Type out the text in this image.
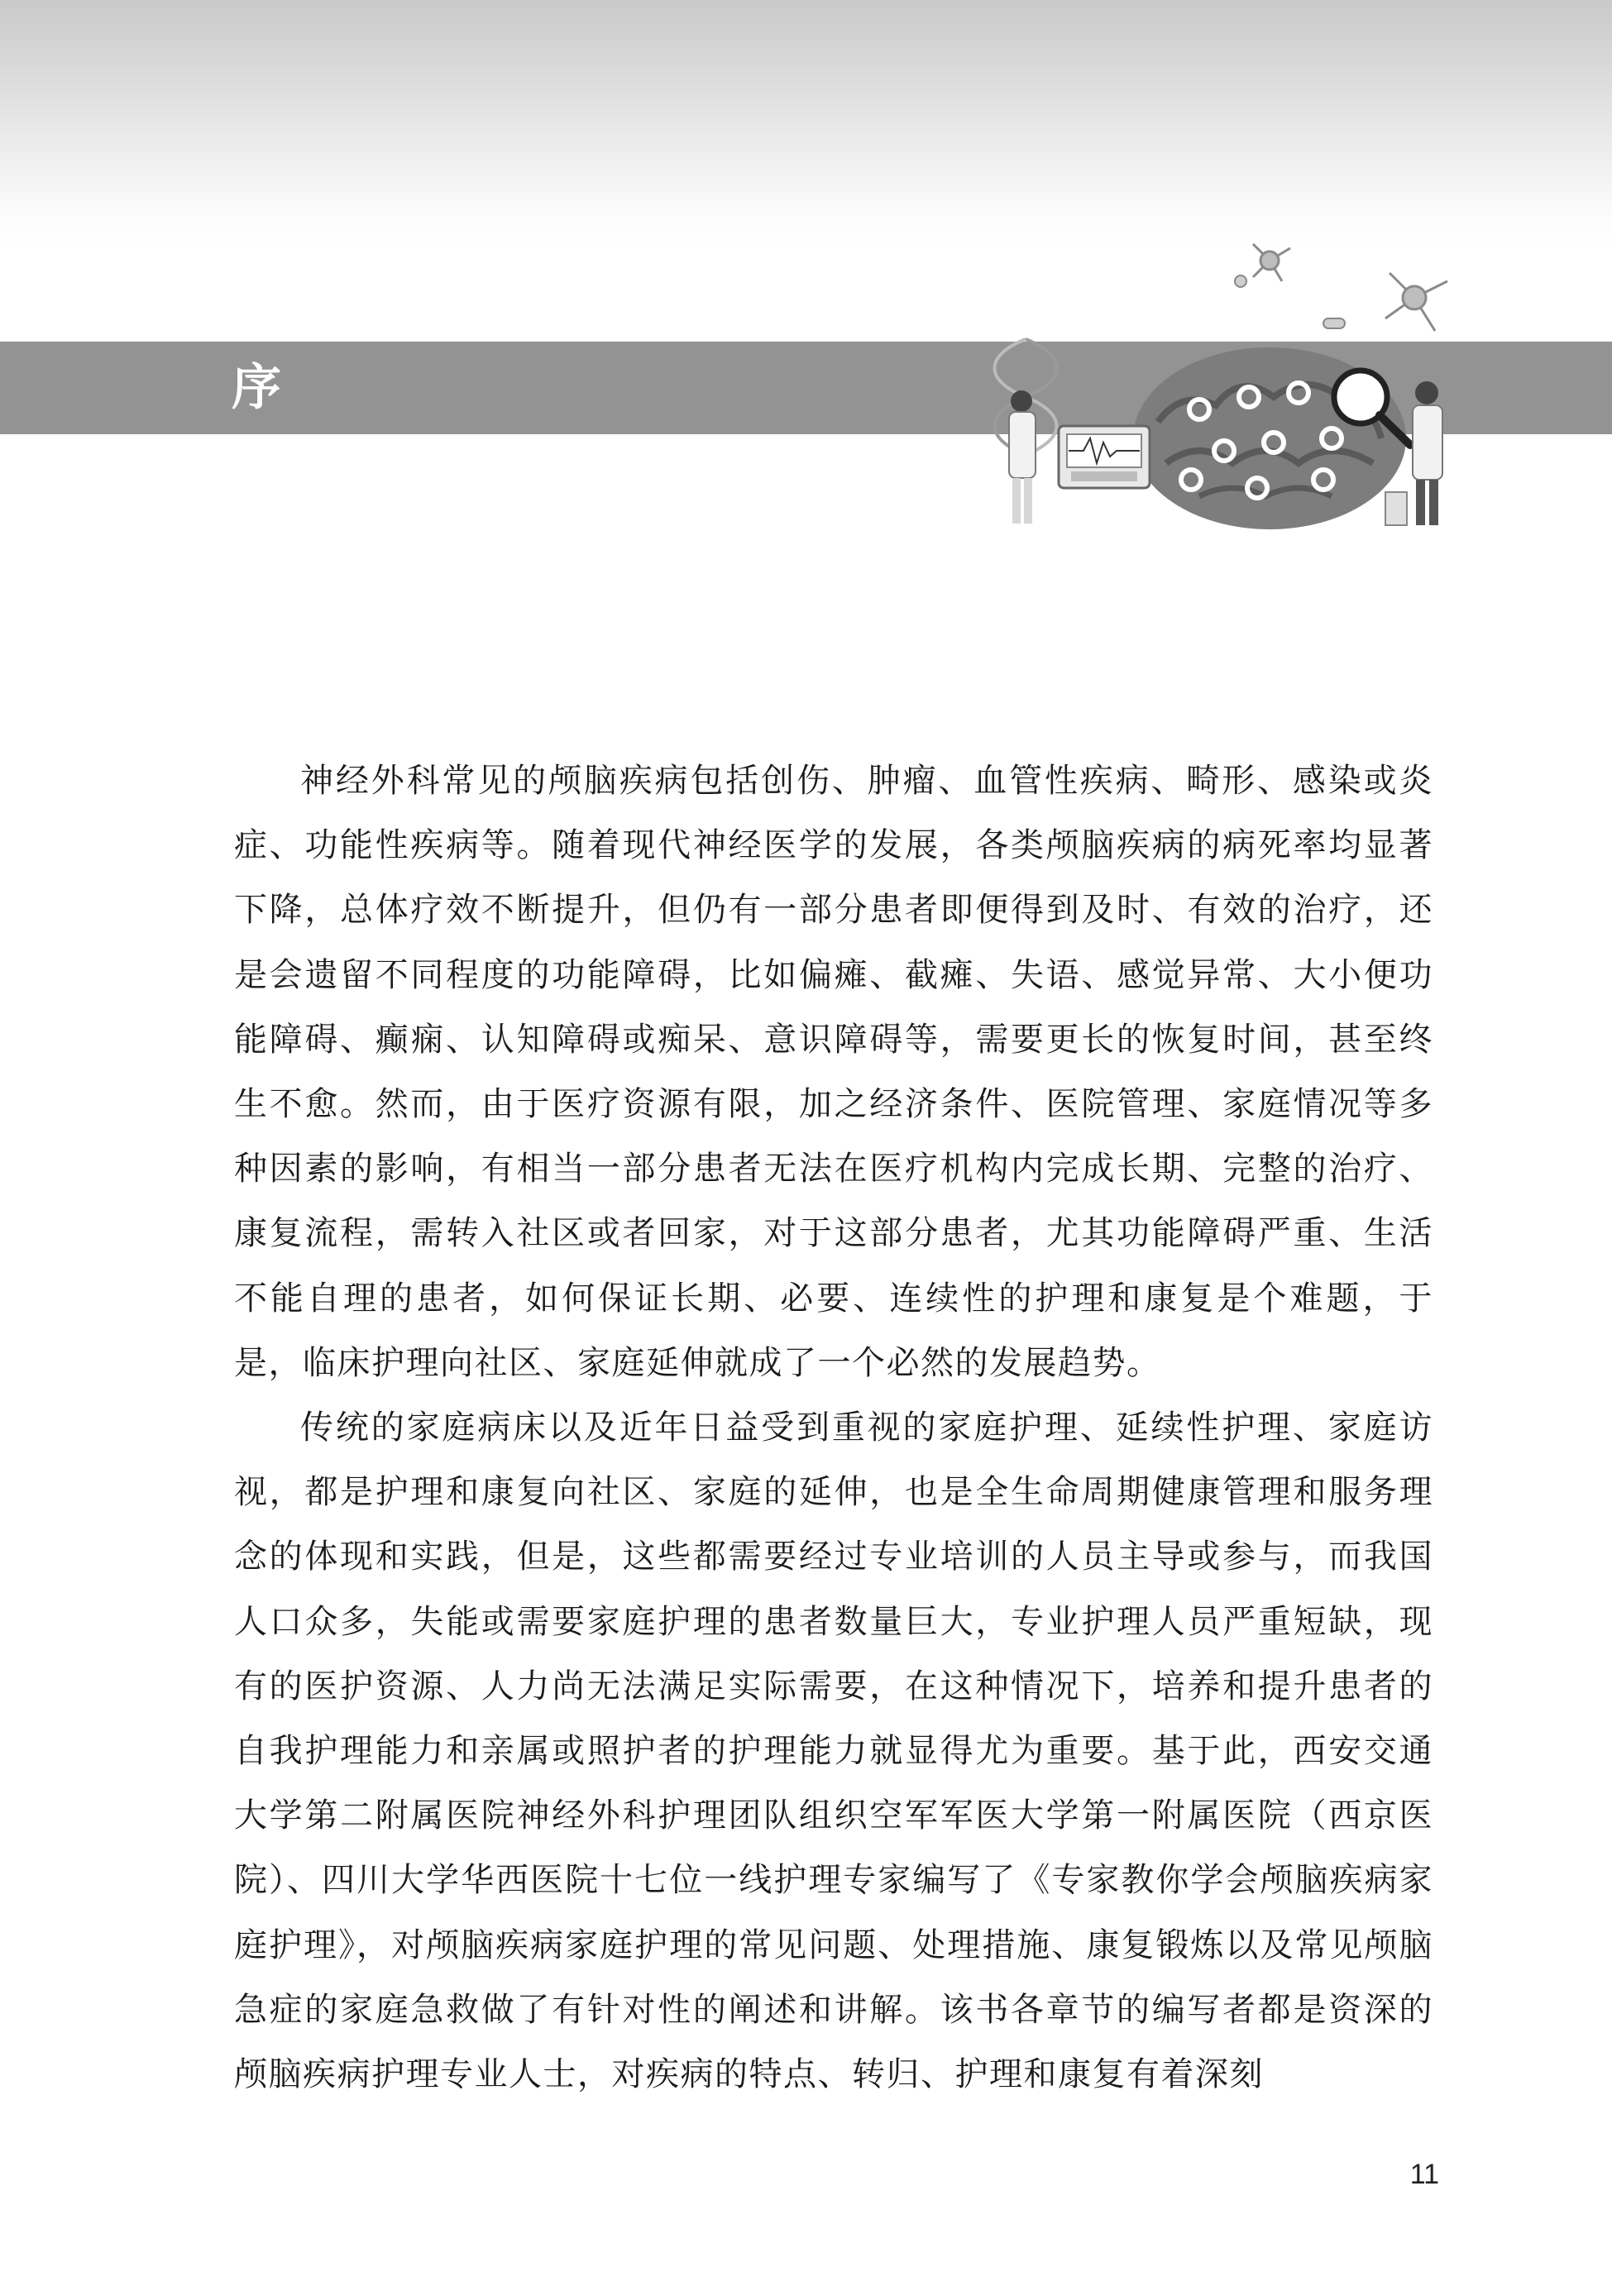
序

神经外科常见的颅脑疾病包括创伤、肿瘤、血管性疾病、畸形、感染或炎症、功能性疾病等。随着现代神经医学的发展，各类颅脑疾病的病死率均显著下降，总体疗效不断提升，但仍有一部分患者即便得到及时、有效的治疗，还是会遗留不同程度的功能障碍，比如偏瘫、截瘫、失语、感觉异常、大小便功能障碍、癫痫、认知障碍或痴呆、意识障碍等，需要更长的恢复时间，甚至终生不愈。然而，由于医疗资源有限，加之经济条件、医院管理、家庭情况等多种因素的影响，有相当一部分患者无法在医疗机构内完成长期、完整的治疗、康复流程，需转入社区或者回家，对于这部分患者，尤其功能障碍严重、生活不能自理的患者，如何保证长期、必要、连续性的护理和康复是个难题，于是，临床护理向社区、家庭延伸就成了一个必然的发展趋势。

传统的家庭病床以及近年日益受到重视的家庭护理、延续性护理、家庭访视，都是护理和康复向社区、家庭的延伸，也是全生命周期健康管理和服务理念的体现和实践，但是，这些都需要经过专业培训的人员主导或参与，而我国人口众多，失能或需要家庭护理的患者数量巨大，专业护理人员严重短缺，现有的医护资源、人力尚无法满足实际需要，在这种情况下，培养和提升患者的自我护理能力和亲属或照护者的护理能力就显得尤为重要。基于此，西安交通大学第二附属医院神经外科护理团队组织空军军医大学第一附属医院（西京医院）、四川大学华西医院十七位一线护理专家编写了《专家教你学会颅脑疾病家庭护理》，对颅脑疾病家庭护理的常见问题、处理措施、康复锻炼以及常见颅脑急症的家庭急救做了有针对性的阐述和讲解。该书各章节的编写者都是资深的颅脑疾病护理专业人士，对疾病的特点、转归、护理和康复有着深刻

11
